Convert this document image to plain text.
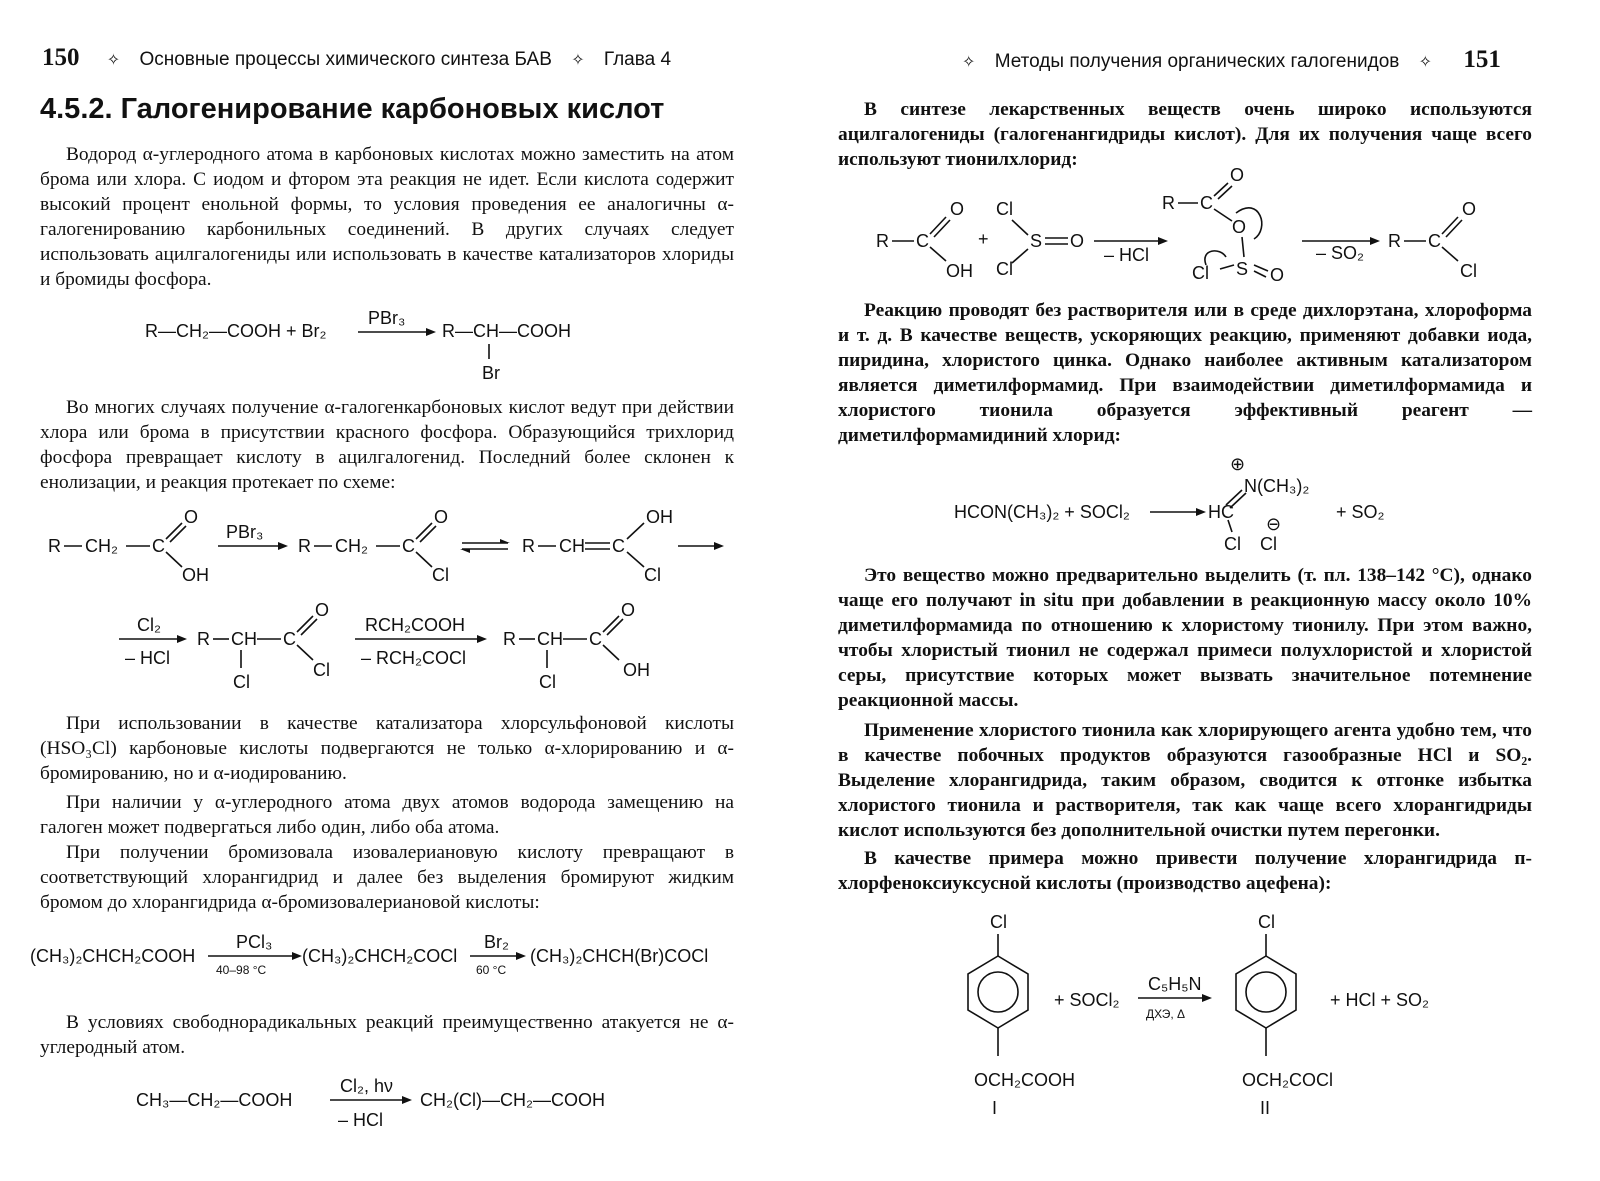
150 ✧ Основные процессы химического синтеза БАВ ✧ Глава 4
4.5.2. Галогенирование карбоновых кислот

Водород α-углеродного атома в карбоновых кислотах можно заместить на атом брома или хлора. С иодом и фтором эта реакция не идет. Если кислота содержит высокий процент енольной формы, то условия проведения ее аналогичны α-галогенированию карбонильных соединений. В других случаях следует использовать ацилгалогениды или использовать в качестве катализаторов хлориды и бромиды фосфора.

R—CH₂—COOH + Br₂
PBr₃
R—CH—COOH
Br

Во многих случаях получение α-галогенкарбоновых кислот ведут при действии хлора или брома в присутствии красного фосфора. Образующийся трихлорид фосфора превращает кислоту в ацилгалогенид. Последний более склонен к енолизации, и реакция протекает по схеме:

R CH₂ C
O
OH
PBr₃
R CH₂ C
O
Cl
R CH C
OH
Cl
Cl₂
– HCl
R CH
Cl
C
O
Cl
RCH₂COOH
– RCH₂COCl
R CH
Cl
C
O
OH

При использовании в качестве катализатора хлорсульфоновой кислоты (HSO₃Cl) карбоновые кислоты подвергаются не только α-хлорированию и α-бромированию, но и α-иодированию.

При наличии у α-углеродного атома двух атомов водорода замещению на галоген может подвергаться либо один, либо оба атома.

При получении бромизовала изовалериановую кислоту превращают в соответствующий хлорангидрид и далее без выделения бромируют жидким бромом до хлорангидрида α-бромизовалериановой кислоты:

(CH₃)₂CHCH₂COOH
PCl₃
40–98 °C
(CH₃)₂CHCH₂COCl
Br₂
60 °C
(CH₃)₂CHCH(Br)COCl

В условиях свободнорадикальных реакций преимущественно атакуется не α-углеродный атом.

CH₃—CH₂—COOH
Cl₂, hν
– HCl
CH₂(Cl)—CH₂—COOH
✧ Методы получения органических галогенидов ✧ 151

В синтезе лекарственных веществ очень широко используются ацилгалогениды (галогенангидриды кислот). Для их получения чаще всего используют тионилхлорид:

R C
O
OH
+
Cl
S
Cl
O
– HCl
R C
O
O
S
Cl	O
– SO₂
R C
O
Cl

Реакцию проводят без растворителя или в среде дихлорэтана, хлороформа и т. д. В качестве веществ, ускоряющих реакцию, применяют добавки иода, пиридина, хлористого цинка. Однако наиболее активным катализатором является диметилформамид. При взаимодействии диметилформамида и хлористого тионила образуется эффективный реагент — диметилформамидиний хлорид:

HCON(CH₃)₂ + SOCl₂
⊕
N(CH₃)₂
HC
Cl
⊖
Cl
+ SO₂

Это вещество можно предварительно выделить (т. пл. 138–142 °C), однако чаще его получают in situ при добавлении в реакционную массу около 10% диметилформамида по отношению к хлористому тионилу. При этом важно, чтобы хлористый тионил не содержал примеси полухлористой и хлористой серы, присутствие которых может вызвать значительное потемнение реакционной массы.

Применение хлористого тионила как хлорирующего агента удобно тем, что в качестве побочных продуктов образуются газообразные HCl и SO₂. Выделение хлорангидрида, таким образом, сводится к отгонке избытка хлористого тионила и растворителя, так как чаще всего хлорангидриды кислот используются без дополнительной очистки путем перегонки.

В качестве примера можно привести получение хлорангидрида п-хлорфеноксиуксусной кислоты (производство ацефена):

Cl
OCH₂COOH
I
+ SOCl₂
C₅H₅N
ДХЭ, Δ
Cl
OCH₂COCl
II
+ HCl + SO₂
